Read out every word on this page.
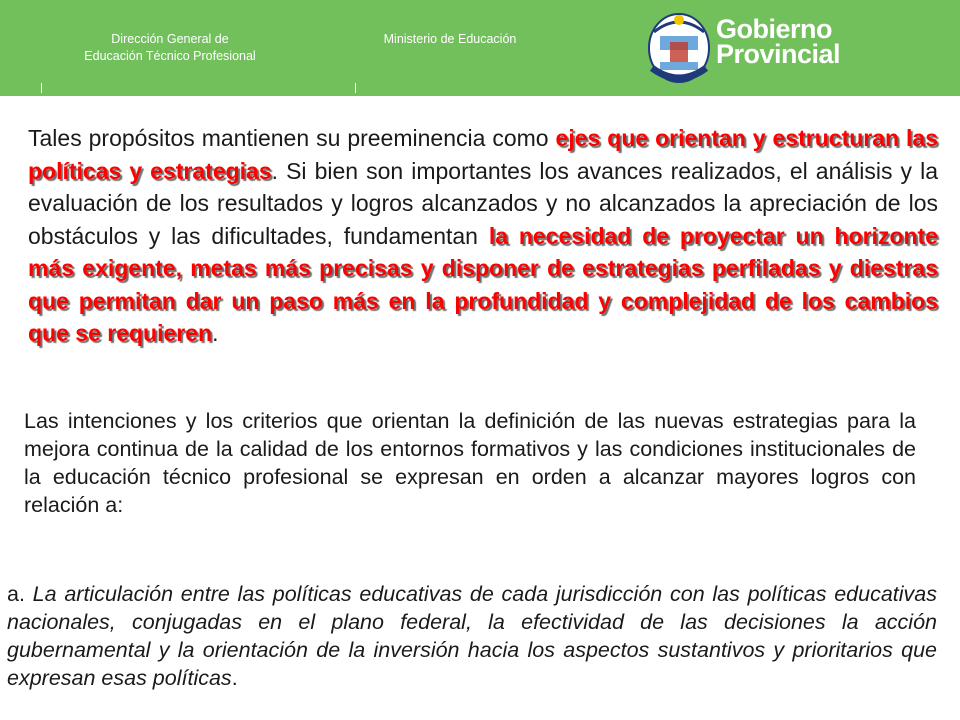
Dirección General de
Educación Técnico Profesional
Ministerio de Educación	Gobierno
Provincial

Tales propósitos mantienen su preeminencia como ejes que orientan y estructuran las políticas y estrategias. Si bien son importantes los avances realizados, el análisis y la evaluación de los resultados y logros alcanzados y no alcanzados la apreciación de los obstáculos y las dificultades, fundamentan la necesidad de proyectar un horizonte más exigente, metas más precisas y disponer de estrategias perfiladas y diestras que permitan dar un paso más en la profundidad y complejidad de los cambios que se requieren.

Las intenciones y los criterios que orientan la definición de las nuevas estrategias para la mejora continua de la calidad de los entornos formativos y las condiciones institucionales de la educación técnico profesional se expresan en orden a alcanzar mayores logros con relación a:

a. La articulación entre las políticas educativas de cada jurisdicción con las políticas educativas nacionales, conjugadas en el plano federal, la efectividad de las decisiones la acción gubernamental y la orientación de la inversión hacia los aspectos sustantivos y prioritarios que expresan esas políticas.
